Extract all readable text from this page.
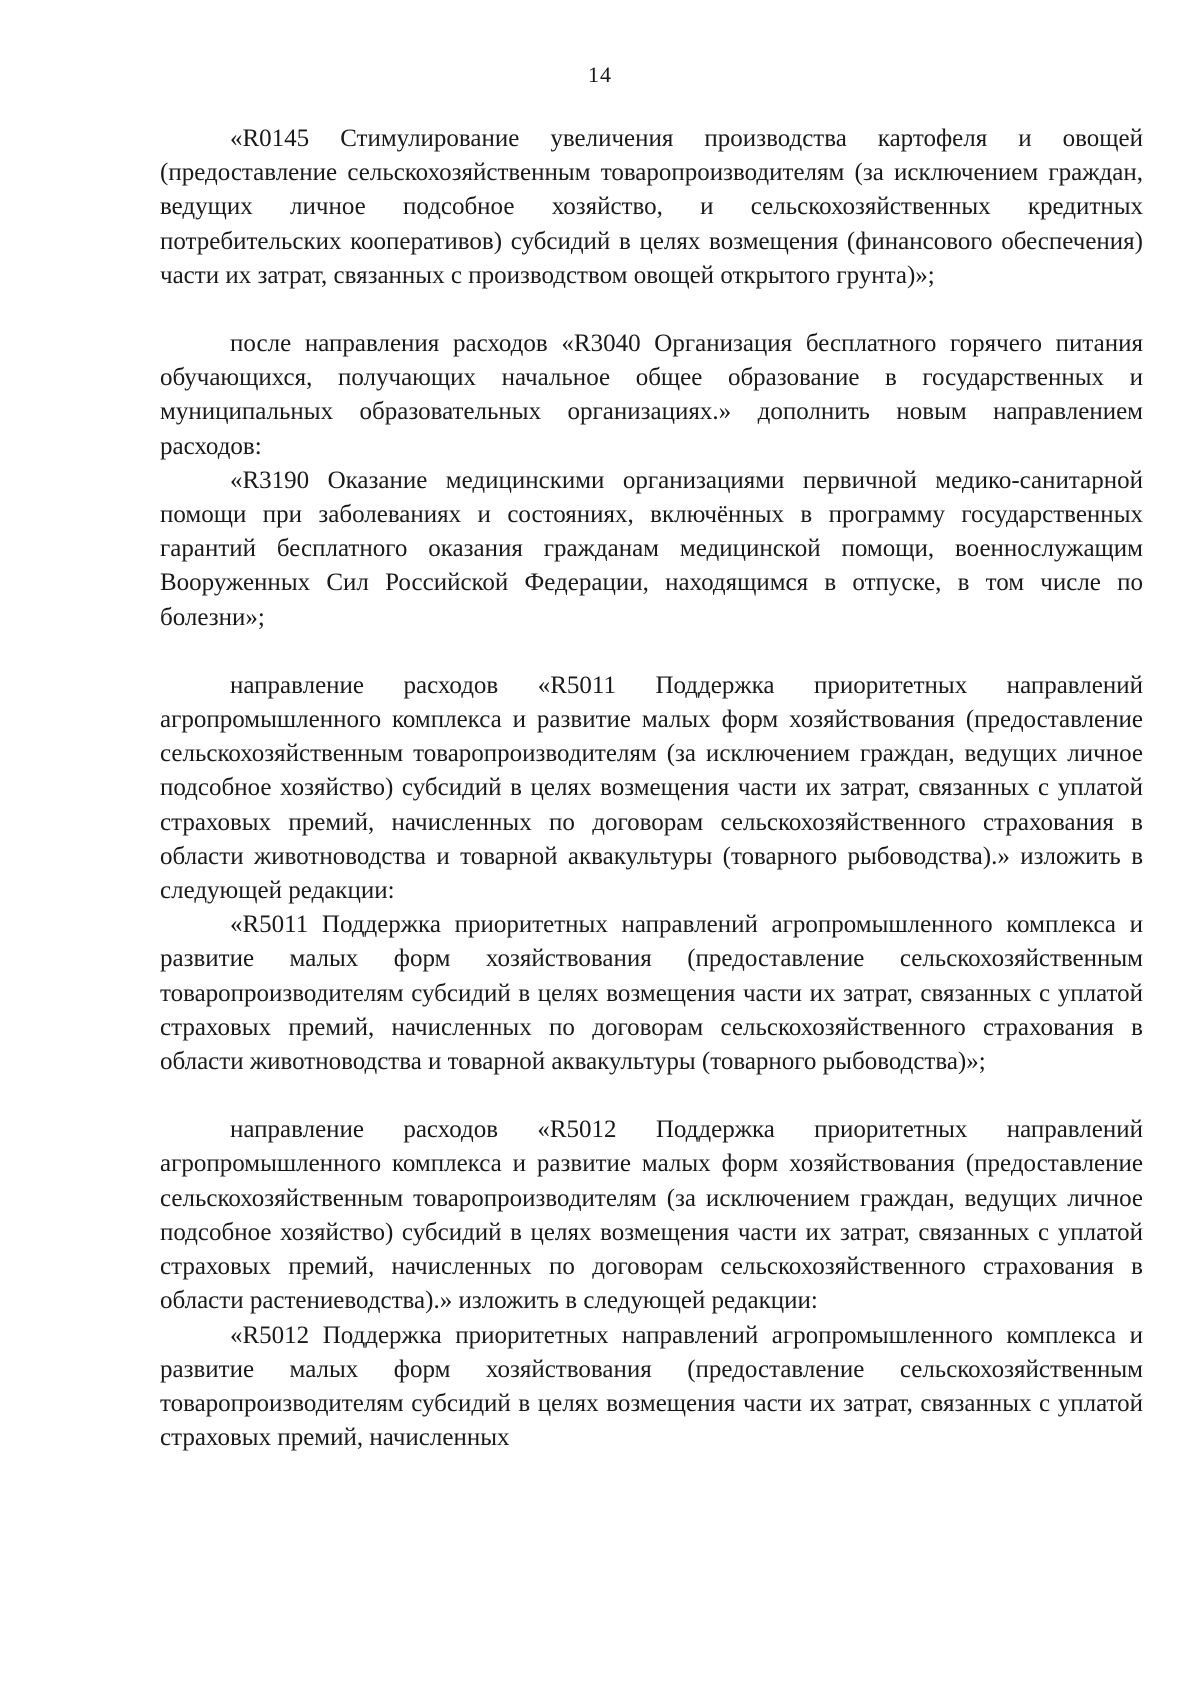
14

«R0145 Стимулирование увеличения производства картофеля и овощей (предоставление сельскохозяйственным товаропроизводителям (за исключением граждан, ведущих личное подсобное хозяйство, и сельскохозяйственных кредитных потребительских кооперативов) субсидий в целях возмещения (финансового обеспечения) части их затрат, связанных с производством овощей открытого грунта)»;

после направления расходов «R3040 Организация бесплатного горячего питания обучающихся, получающих начальное общее образование в государственных и муниципальных образовательных организациях.» дополнить новым направлением расходов:

«R3190 Оказание медицинскими организациями первичной медико-санитарной помощи при заболеваниях и состояниях, включённых в программу государственных гарантий бесплатного оказания гражданам медицинской помощи, военнослужащим Вооруженных Сил Российской Федерации, находящимся в отпуске, в том числе по болезни»;

направление расходов «R5011 Поддержка приоритетных направлений агропромышленного комплекса и развитие малых форм хозяйствования (предоставление сельскохозяйственным товаропроизводителям (за исключением граждан, ведущих личное подсобное хозяйство) субсидий в целях возмещения части их затрат, связанных с уплатой страховых премий, начисленных по договорам сельскохозяйственного страхования в области животноводства и товарной аквакультуры (товарного рыбоводства).» изложить в следующей редакции:

«R5011 Поддержка приоритетных направлений агропромышленного комплекса и развитие малых форм хозяйствования (предоставление сельскохозяйственным товаропроизводителям субсидий в целях возмещения части их затрат, связанных с уплатой страховых премий, начисленных по договорам сельскохозяйственного страхования в области животноводства и товарной аквакультуры (товарного рыбоводства)»;

направление расходов «R5012 Поддержка приоритетных направлений агропромышленного комплекса и развитие малых форм хозяйствования (предоставление сельскохозяйственным товаропроизводителям (за исключением граждан, ведущих личное подсобное хозяйство) субсидий в целях возмещения части их затрат, связанных с уплатой страховых премий, начисленных по договорам сельскохозяйственного страхования в области растениеводства).» изложить в следующей редакции:

«R5012 Поддержка приоритетных направлений агропромышленного комплекса и развитие малых форм хозяйствования (предоставление сельскохозяйственным товаропроизводителям субсидий в целях возмещения части их затрат, связанных с уплатой страховых премий, начисленных
